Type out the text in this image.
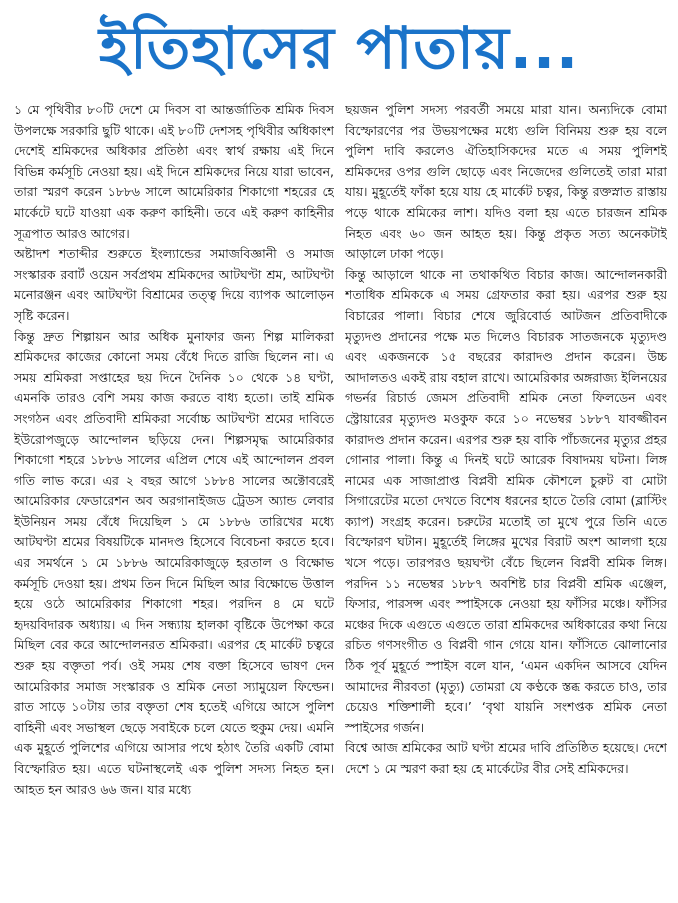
ইতিহাসের পাতায়...

১ মে পৃথিবীর ৮০টি দেশে মে দিবস বা আন্তর্জাতিক শ্রমিক দিবস উপলক্ষে সরকারি ছুটি থাকে। এই ৮০টি দেশসহ পৃথিবীর অধিকাংশ দেশেই শ্রমিকদের অধিকার প্রতিষ্ঠা এবং স্বার্থ রক্ষায় এই দিনে বিভিন্ন কর্মসূচি নেওয়া হয়। এই দিনে শ্রমিকদের নিয়ে যারা ভাবেন, তারা স্মরণ করেন ১৮৮৬ সালে আমেরিকার শিকাগো শহরের হে মার্কেটে ঘটে যাওয়া এক করুণ কাহিনী। তবে এই করুণ কাহিনীর সূত্রপাত আরও আগের।

অষ্টাদশ শতাব্দীর শুরুতে ইংল্যান্ডের সমাজবিজ্ঞানী ও সমাজ সংস্কারক রবার্ট ওয়েন সর্বপ্রথম শ্রমিকদের আটঘণ্টা শ্রম, আটঘণ্টা মনোরঞ্জন এবং আটঘণ্টা বিশ্রামের তত্ত্ব দিয়ে ব্যাপক আলোড়ন সৃষ্টি করেন।

কিন্তু দ্রুত শিল্পায়ন আর অধিক মুনাফার জন্য শিল্প মালিকরা শ্রমিকদের কাজের কোনো সময় বেঁধে দিতে রাজি ছিলেন না। এ সময় শ্রমিকরা সপ্তাহের ছয় দিনে দৈনিক ১০ থেকে ১৪ ঘণ্টা, এমনকি তারও বেশি সময় কাজ করতে বাধ্য হতো। তাই শ্রমিক সংগঠন এবং প্রতিবাদী শ্রমিকরা সর্বোচ্চ আটঘণ্টা শ্রমের দাবিতে ইউরোপজুড়ে আন্দোলন ছড়িয়ে দেন। শিল্পসমৃদ্ধ আমেরিকার শিকাগো শহরে ১৮৮৬ সালের এপ্রিল শেষে এই আন্দোলন প্রবল গতি লাভ করে। এর ২ বছর আগে ১৮৮৪ সালের অক্টোবরেই আমেরিকার ফেডারেশন অব অরগানাইজড ট্রেডস অ্যান্ড লেবার ইউনিয়ন সময় বেঁধে দিয়েছিল ১ মে ১৮৮৬ তারিখের মধ্যে আটঘণ্টা শ্রমের বিষয়টিকে মানদণ্ড হিসেবে বিবেচনা করতে হবে। এর সমর্থনে ১ মে ১৮৮৬ আমেরিকাজুড়ে হরতাল ও বিক্ষোভ কর্মসূচি দেওয়া হয়। প্রথম তিন দিনে মিছিল আর বিক্ষোভে উত্তাল হয়ে ওঠে আমেরিকার শিকাগো শহর। পরদিন ৪ মে ঘটে হৃদয়বিদারক অধ্যায়। এ দিন সন্ধ্যায় হালকা বৃষ্টিকে উপেক্ষা করে মিছিল বের করে আন্দোলনরত শ্রমিকরা। এরপর হে মার্কেট চত্বরে শুরু হয় বক্তৃতা পর্ব। ওই সময় শেষ বক্তা হিসেবে ভাষণ দেন আমেরিকার সমাজ সংস্কারক ও শ্রমিক নেতা স্যামুয়েল ফিল্ডেন। রাত সাড়ে ১০টায় তার বক্তৃতা শেষ হতেই এগিয়ে আসে পুলিশ বাহিনী এবং সভাস্থল ছেড়ে সবাইকে চলে যেতে হুকুম দেয়। এমনি এক মুহূর্তে পুলিশের এগিয়ে আসার পথে হঠাৎ তৈরি একটি বোমা বিস্ফোরিত হয়। এতে ঘটনাস্থলেই এক পুলিশ সদস্য নিহত হন। আহত হন আরও ৬৬ জন। যার মধ্যে

ছয়জন পুলিশ সদস্য পরবর্তী সময়ে মারা যান। অন্যদিকে বোমা বিস্ফোরণের পর উভয়পক্ষের মধ্যে গুলি বিনিময় শুরু হয় বলে পুলিশ দাবি করলেও ঐতিহাসিকদের মতে এ সময় পুলিশই শ্রমিকদের ওপর গুলি ছোড়ে এবং নিজেদের গুলিতেই তারা মারা যায়। মুহূর্তেই ফাঁকা হয়ে যায় হে মার্কেট চত্বর, কিন্তু রক্তস্নাত রাস্তায় পড়ে থাকে শ্রমিকের লাশ। যদিও বলা হয় এতে চারজন শ্রমিক নিহত এবং ৬০ জন আহত হয়। কিন্তু প্রকৃত সত্য অনেকটাই আড়ালে ঢাকা পড়ে।

কিন্তু আড়ালে থাকে না তথাকথিত বিচার কাজ। আন্দোলনকারী শতাধিক শ্রমিককে এ সময় গ্রেফতার করা হয়। এরপর শুরু হয় বিচারের পালা। বিচার শেষে জুরিবোর্ড আটজন প্রতিবাদীকে মৃত্যুদণ্ড প্রদানের পক্ষে মত দিলেও বিচারক সাতজনকে মৃত্যুদণ্ড এবং একজনকে ১৫ বছরের কারাদণ্ড প্রদান করেন। উচ্চ আদালতও একই রায় বহাল রাখে। আমেরিকার অঙ্গরাজ্য ইলিনয়ের গভর্নর রিচার্ড জেমস প্রতিবাদী শ্রমিক নেতা ফিলডেন এবং স্ট্রোয়ারের মৃত্যুদণ্ড মওকুফ করে ১০ নভেম্বর ১৮৮৭ যাবজ্জীবন কারাদণ্ড প্রদান করেন। এরপর শুরু হয় বাকি পাঁচজনের মৃত্যুর প্রহর গোনার পালা। কিন্তু এ দিনই ঘটে আরেক বিষাদময় ঘটনা। লিঙ্গ নামের এক সাজাপ্রাপ্ত বিপ্লবী শ্রমিক কৌশলে চুরুট বা মোটা সিগারেটের মতো দেখতে বিশেষ ধরনের হাতে তৈরি বোমা (ব্লাস্টিং ক্যাপ) সংগ্রহ করেন। চরুটের মতোই তা মুখে পুরে তিনি এতে বিস্ফোরণ ঘটান। মুহূর্তেই লিঙ্গের মুখের বিরাট অংশ আলগা হয়ে খসে পড়ে। তারপরও ছয়ঘণ্টা বেঁচে ছিলেন বিপ্লবী শ্রমিক লিঙ্গ। পরদিন ১১ নভেম্বর ১৮৮৭ অবশিষ্ট চার বিপ্লবী শ্রমিক এঞ্জেল, ফিসার, পারসন্স এবং স্পাইসকে নেওয়া হয় ফাঁসির মঞ্চে। ফাঁসির মঞ্চের দিকে এগুতে এগুতে তারা শ্রমিকদের অধিকারের কথা নিয়ে রচিত গণসংগীত ও বিপ্লবী গান গেয়ে যান। ফাঁসিতে ঝোলানোর ঠিক পূর্ব মুহূর্তে স্পাইস বলে যান, ‘এমন একদিন আসবে যেদিন আমাদের নীরবতা (মৃত্যু) তোমরা যে কণ্ঠকে স্তব্ধ করতে চাও, তার চেয়েও শক্তিশালী হবে।’ ‘বৃথা যায়নি সংশপ্তক শ্রমিক নেতা স্পাইসের গর্জন।

বিশ্বে আজ শ্রমিকের আট ঘণ্টা শ্রমের দাবি প্রতিষ্ঠিত হয়েছে। দেশে দেশে ১ মে স্মরণ করা হয় হে মার্কেটের বীর সেই শ্রমিকদের।
